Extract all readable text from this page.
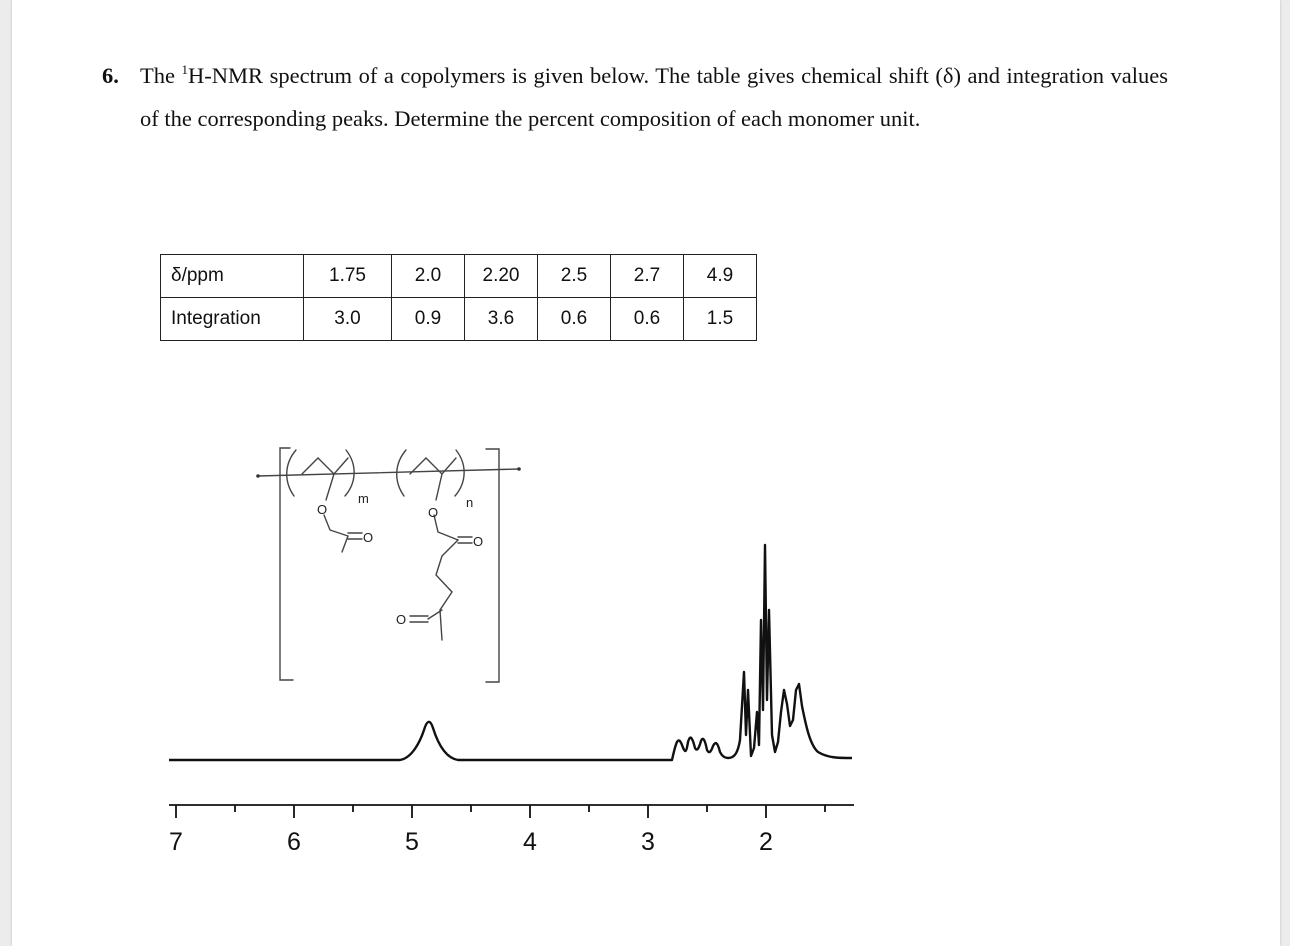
6. The $^1$H-NMR spectrum of a copolymers is given below. The table gives chemical shift (δ) and integration values of the corresponding peaks. Determine the percent composition of each monomer unit.
δ/ppm	1.75	2.0	2.20	2.5	2.7	4.9
Integration	3.0	0.9	3.6	0.6	0.6	1.5
m	n
O	O
O	O
O
7	6	5	4	3	2
